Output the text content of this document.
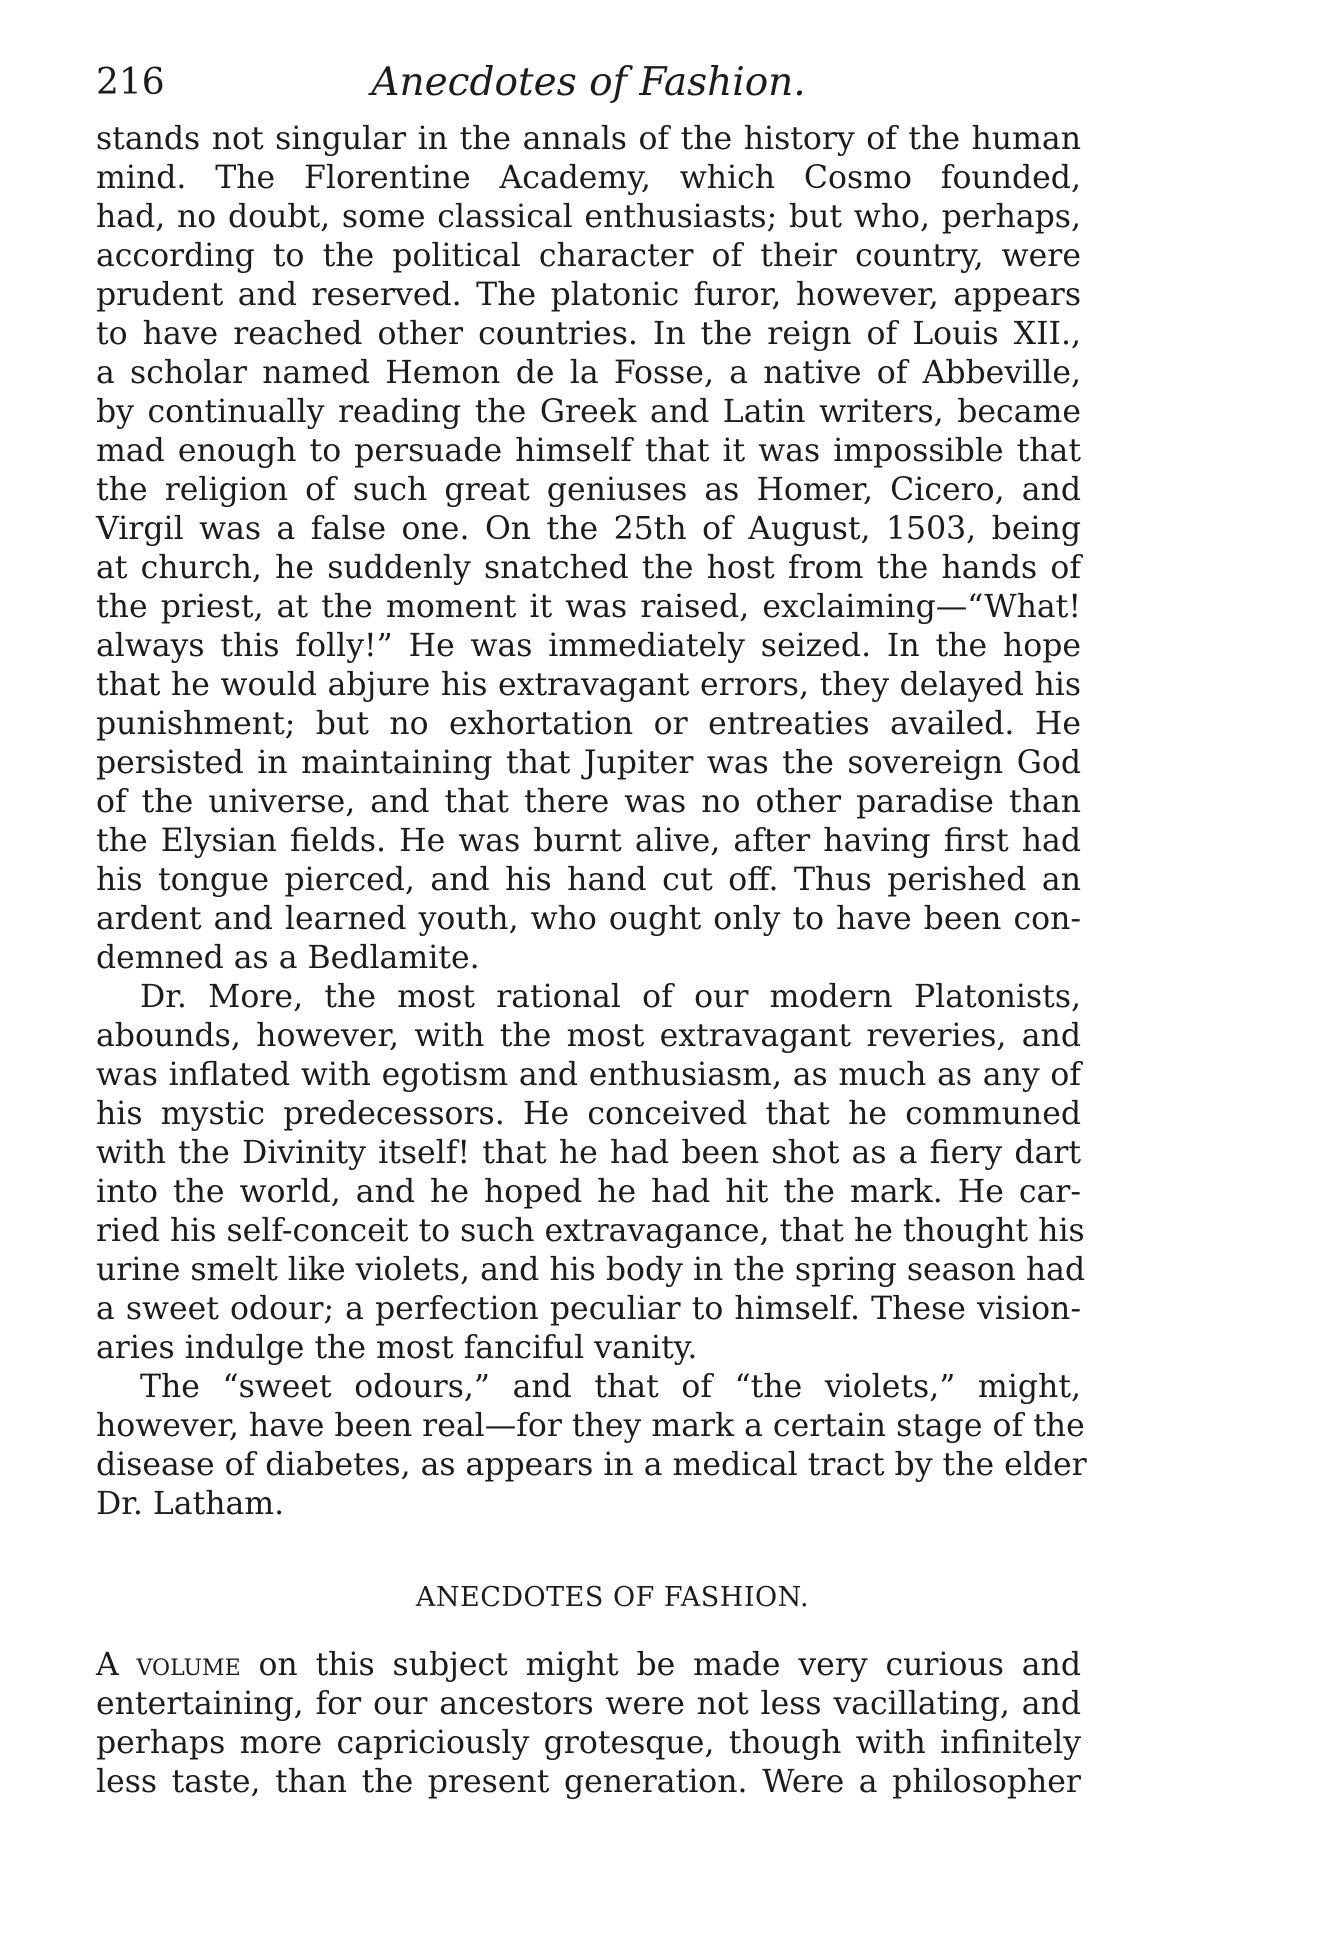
216	Anecdotes of Fashion.
stands not singular in the annals of the history of the human
mind. The Florentine Academy, which Cosmo founded,
had, no doubt, some classical enthusiasts; but who, perhaps,
according to the political character of their country, were
prudent and reserved. The platonic furor, however, appears
to have reached other countries. In the reign of Louis XII.,
a scholar named Hemon de la Fosse, a native of Abbeville,
by continually reading the Greek and Latin writers, became
mad enough to persuade himself that it was impossible that
the religion of such great geniuses as Homer, Cicero, and
Virgil was a false one. On the 25th of August, 1503, being
at church, he suddenly snatched the host from the hands of
the priest, at the moment it was raised, exclaiming—“What!
always this folly!” He was immediately seized. In the hope
that he would abjure his extravagant errors, they delayed his
punishment; but no exhortation or entreaties availed. He
persisted in maintaining that Jupiter was the sovereign God
of the universe, and that there was no other paradise than
the Elysian fields. He was burnt alive, after having first had
his tongue pierced, and his hand cut off. Thus perished an
ardent and learned youth, who ought only to have been con-
demned as a Bedlamite.
Dr. More, the most rational of our modern Platonists,
abounds, however, with the most extravagant reveries, and
was inflated with egotism and enthusiasm, as much as any of
his mystic predecessors. He conceived that he communed
with the Divinity itself! that he had been shot as a fiery dart
into the world, and he hoped he had hit the mark. He car-
ried his self-conceit to such extravagance, that he thought his
urine smelt like violets, and his body in the spring season had
a sweet odour; a perfection peculiar to himself. These vision-
aries indulge the most fanciful vanity.
The “sweet odours,” and that of “the violets,” might,
however, have been real—for they mark a certain stage of the
disease of diabetes, as appears in a medical tract by the elder
Dr. Latham.
ANECDOTES OF FASHION.
A volume on this subject might be made very curious and
entertaining, for our ancestors were not less vacillating, and
perhaps more capriciously grotesque, though with infinitely
less taste, than the present generation. Were a philosopher
